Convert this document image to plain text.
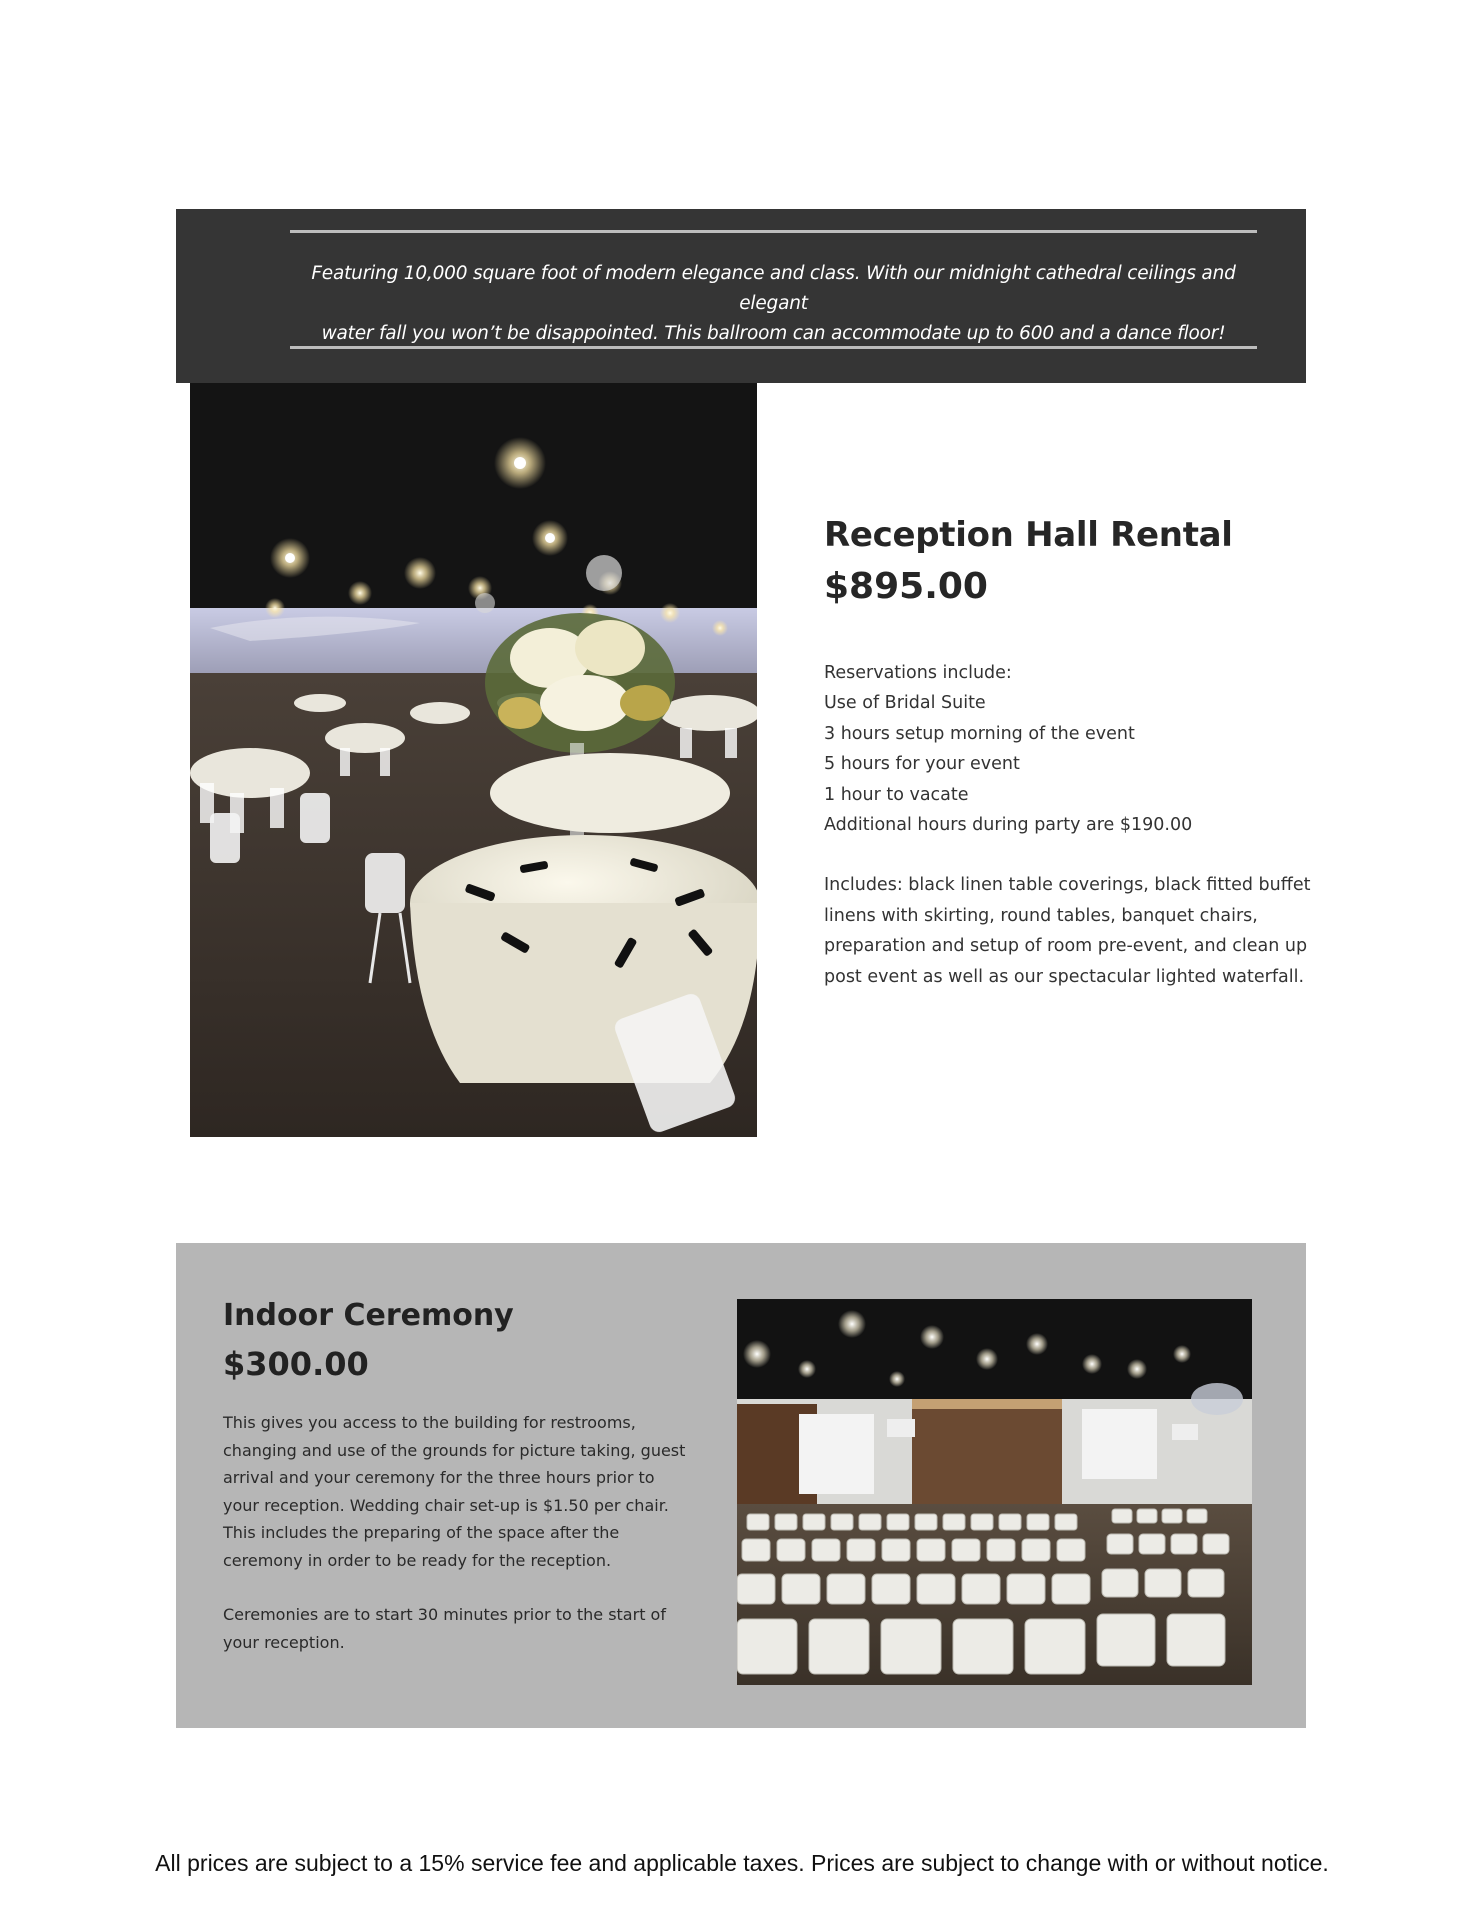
Featuring 10,000 square foot of modern elegance and class. With our midnight cathedral ceilings and elegant
water fall you won’t be disappointed. This ballroom can accommodate up to 600 and a dance floor!
Reception Hall Rental
$895.00
Reservations include:
Use of Bridal Suite
3 hours setup morning of the event
5 hours for your event
1 hour to vacate
Additional hours during party are $190.00
Includes: black linen table coverings, black fitted buffet
linens with skirting, round tables, banquet chairs,
preparation and setup of room pre-event, and clean up
post event as well as our spectacular lighted waterfall.
Indoor Ceremony
$300.00
This gives you access to the building for restrooms,
changing and use of the grounds for picture taking, guest
arrival and your ceremony for the three hours prior to
your reception. Wedding chair set-up is $1.50 per chair.
This includes the preparing of the space after the
ceremony in order to be ready for the reception.
Ceremonies are to start 30 minutes prior to the start of
your reception.
All prices are subject to a 15% service fee and applicable taxes. Prices are subject to change with or without notice.
